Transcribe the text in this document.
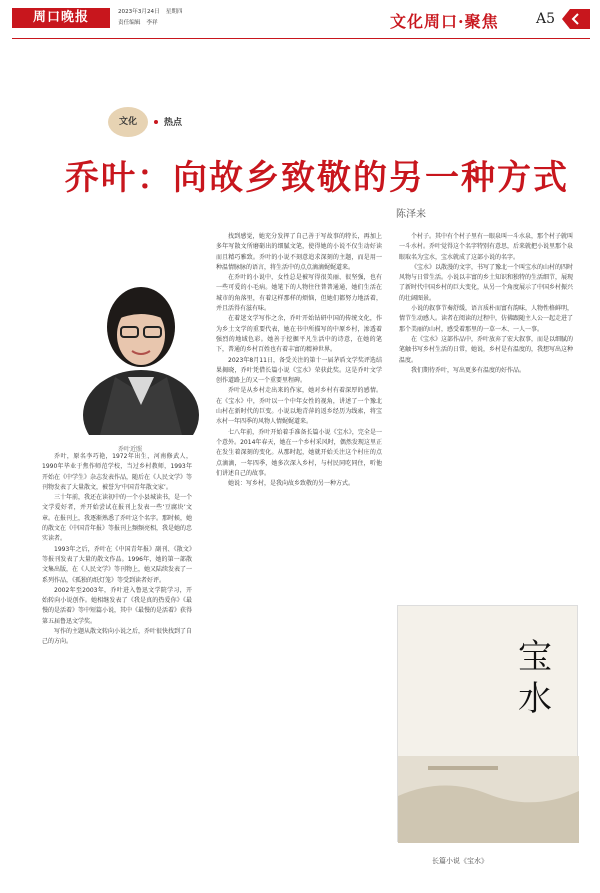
周口晚报	2023年3月24日 星期四
责任编辑 李祥	文化周口·聚焦	A5
文化	热点
乔叶：向故乡致敬的另一种方式
陈泽来
乔叶近照

乔叶，原名李巧艳，1972年出生，河南修武人，1990年毕业于焦作师范学校，当过乡村教师，1993年开始在《中学生》杂志发表作品，随后在《人民文学》等刊物发表了大量散文，被誉为‘中国青年散文家’。

三十年前，我还在读初中的一个小县城读书，是一个文学爱好者，并开始尝试在报刊上发表一些‘豆腐块’文章。在报刊上，我逐渐熟悉了乔叶这个名字。那时候，她的散文在《中国青年报》等报刊上频频亮相，我是她的忠实读者。

1993年之后，乔叶在《中国青年报》副刊、《散文》等报刊发表了大量的散文作品。1996年，她的第一部散文集出版，在《人民文学》等刊物上，她又陆续发表了一系列作品，《孤独的纸灯笼》等受到读者好评。

2002年至2003年，乔叶进入鲁迅文学院学习，开始转向小说创作。她相继发表了《我是真的热爱你》《最慢的是活着》等中短篇小说，其中《最慢的是活着》获得第五届鲁迅文学奖。

写作的主题从散文转向小说之后，乔叶很快找到了自己的方向。

找到感觉，她充分发挥了自己善于写故事的特长，再加上多年写散文所磨砺出的细腻文笔，使得她的小说不仅生动好读而且精巧雅致。乔叶的小说不刻意追求深刻的主题，而是用一种温情脉脉的语言，将生活中的点点滴滴娓娓道来。

在乔叶的小说中，女性总是被写得很美丽、很坚强，也有一些可爱的小毛病。她笔下的人物往往普普通通，她们生活在城市的角落里，有着这样那样的烦恼，但她们都努力地活着，并且活得有滋有味。

在着迷文学写作之余，乔叶开始钻研中国的传统文化，作为乡土文学的重要代表，她在书中所描写的中原乡村，渗透着强烈的地域色彩。她善于挖掘平凡生活中的诗意，在她的笔下，普通的乡村百姓也有着丰富的精神世界。

2023年8月11日，备受关注的第十一届茅盾文学奖评选结果揭晓，乔叶凭借长篇小说《宝水》荣获此奖。这是乔叶文学创作道路上的又一个重要里程碑。

乔叶是从乡村走出来的作家，她对乡村有着深厚的感情。在《宝水》中，乔叶以一个中年女性的视角，讲述了一个豫北山村在新时代的巨变。小说以地青萍的返乡经历为线索，将宝水村一年四季的风物人情娓娓道来。

七八年前，乔叶开始着手准备长篇小说《宝水》，完全是一个意外。2014年春天，她在一个乡村采风时，偶然发现这里正在发生着深刻的变化。从那时起，她就开始关注这个村庄的点点滴滴，一年四季，她多次深入乡村，与村民同吃同住，听他们讲述自己的故事。

她说：写乡村，是我向故乡致敬的另一种方式。

个村子。其中有个村子里有一眼泉叫一斗水泉，那个村子就叫一斗水村。乔叶觉得这个名字特别有意思，后来就把小说里那个泉眼取名为宝水，宝水就成了这部小说的名字。

《宝水》以散漫的文字，书写了豫北一个叫宝水的山村的四时风物与日常生活。小说以丰富的乡土知识和独特的生活细节，展现了新时代中国乡村的巨大变化，从另一个角度展示了中国乡村振兴的壮阔图景。

小说的叙事节奏舒缓，语言质朴而富有韵味，人物性格鲜明，情节生动感人。读者在阅读的过程中，仿佛跟随主人公一起走进了那个美丽的山村，感受着那里的一草一木、一人一事。

在《宝水》这部作品中，乔叶放弃了宏大叙事，而是以细腻的笔触书写乡村生活的日常，她说，乡村是有温度的，我想写出这种温度。

我们期待乔叶，写出更多有温度的好作品。

宝水
长篇小说《宝水》
